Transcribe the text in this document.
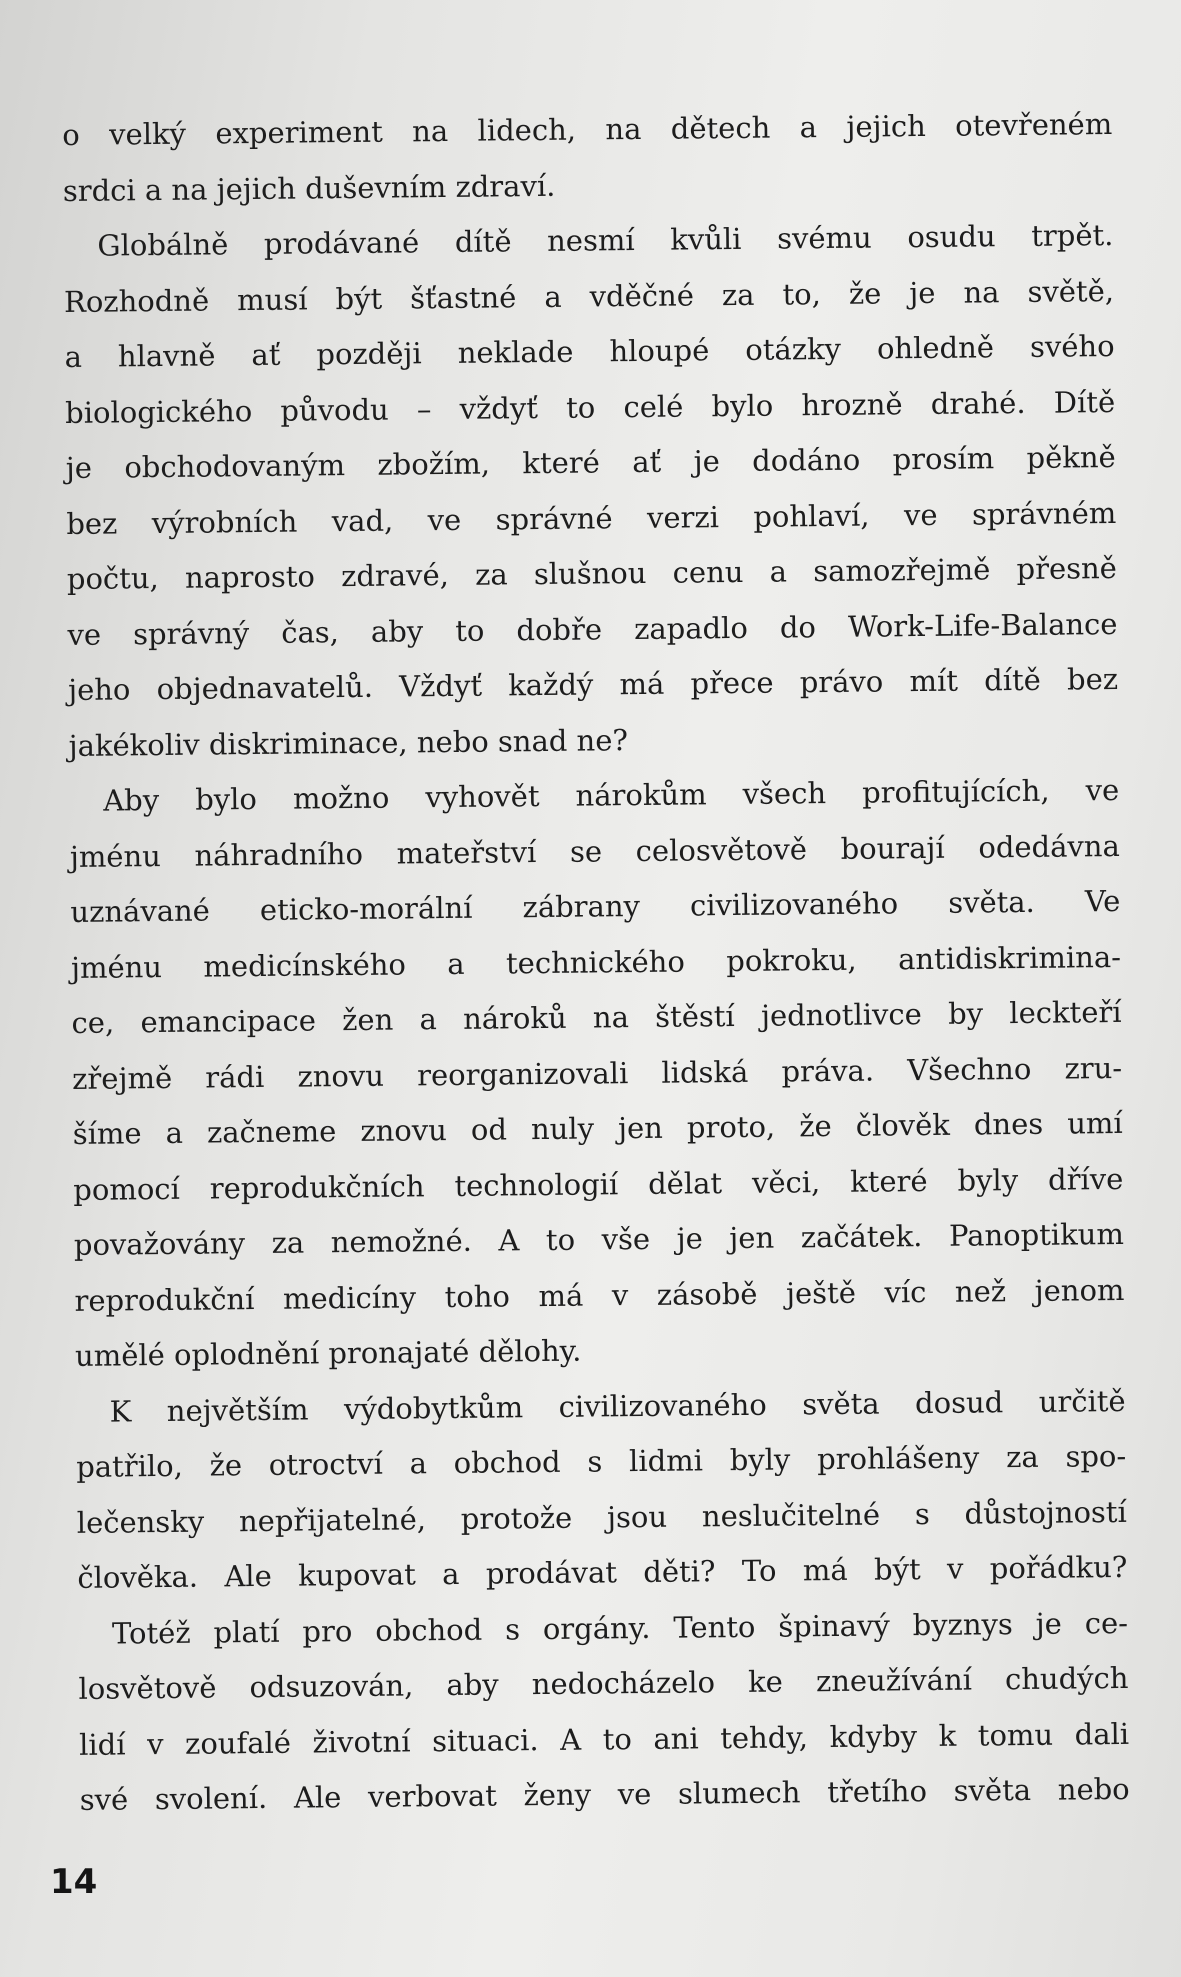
o velký experiment na lidech, na dětech a jejich otevřeném
srdci a na jejich duševním zdraví.

Globálně prodávané dítě nesmí kvůli svému osudu trpět.
Rozhodně musí být šťastné a vděčné za to, že je na světě,
a hlavně ať později neklade hloupé otázky ohledně svého
biologického původu – vždyť to celé bylo hrozně drahé. Dítě
je obchodovaným zbožím, které ať je dodáno prosím pěkně
bez výrobních vad, ve správné verzi pohlaví, ve správném
počtu, naprosto zdravé, za slušnou cenu a samozřejmě přesně
ve správný čas, aby to dobře zapadlo do Work-Life-Balance
jeho objednavatelů. Vždyť každý má přece právo mít dítě bez
jakékoliv diskriminace, nebo snad ne?

Aby bylo možno vyhovět nárokům všech profitujících, ve
jménu náhradního mateřství se celosvětově bourají odedávna
uznávané eticko-morální zábrany civilizovaného světa. Ve
jménu medicínského a technického pokroku, antidiskrimina-
ce, emancipace žen a nároků na štěstí jednotlivce by leckteří
zřejmě rádi znovu reorganizovali lidská práva. Všechno zru-
šíme a začneme znovu od nuly jen proto, že člověk dnes umí
pomocí reprodukčních technologií dělat věci, které byly dříve
považovány za nemožné. A to vše je jen začátek. Panoptikum
reprodukční medicíny toho má v zásobě ještě víc než jenom
umělé oplodnění pronajaté dělohy.

K největším výdobytkům civilizovaného světa dosud určitě
patřilo, že otroctví a obchod s lidmi byly prohlášeny za spo-
lečensky nepřijatelné, protože jsou neslučitelné s důstojností
člověka. Ale kupovat a prodávat děti? To má být v pořádku?

Totéž platí pro obchod s orgány. Tento špinavý byznys je ce-
losvětově odsuzován, aby nedocházelo ke zneužívání chudých
lidí v zoufalé životní situaci. A to ani tehdy, kdyby k tomu dali
své svolení. Ale verbovat ženy ve slumech třetího světa nebo

14
